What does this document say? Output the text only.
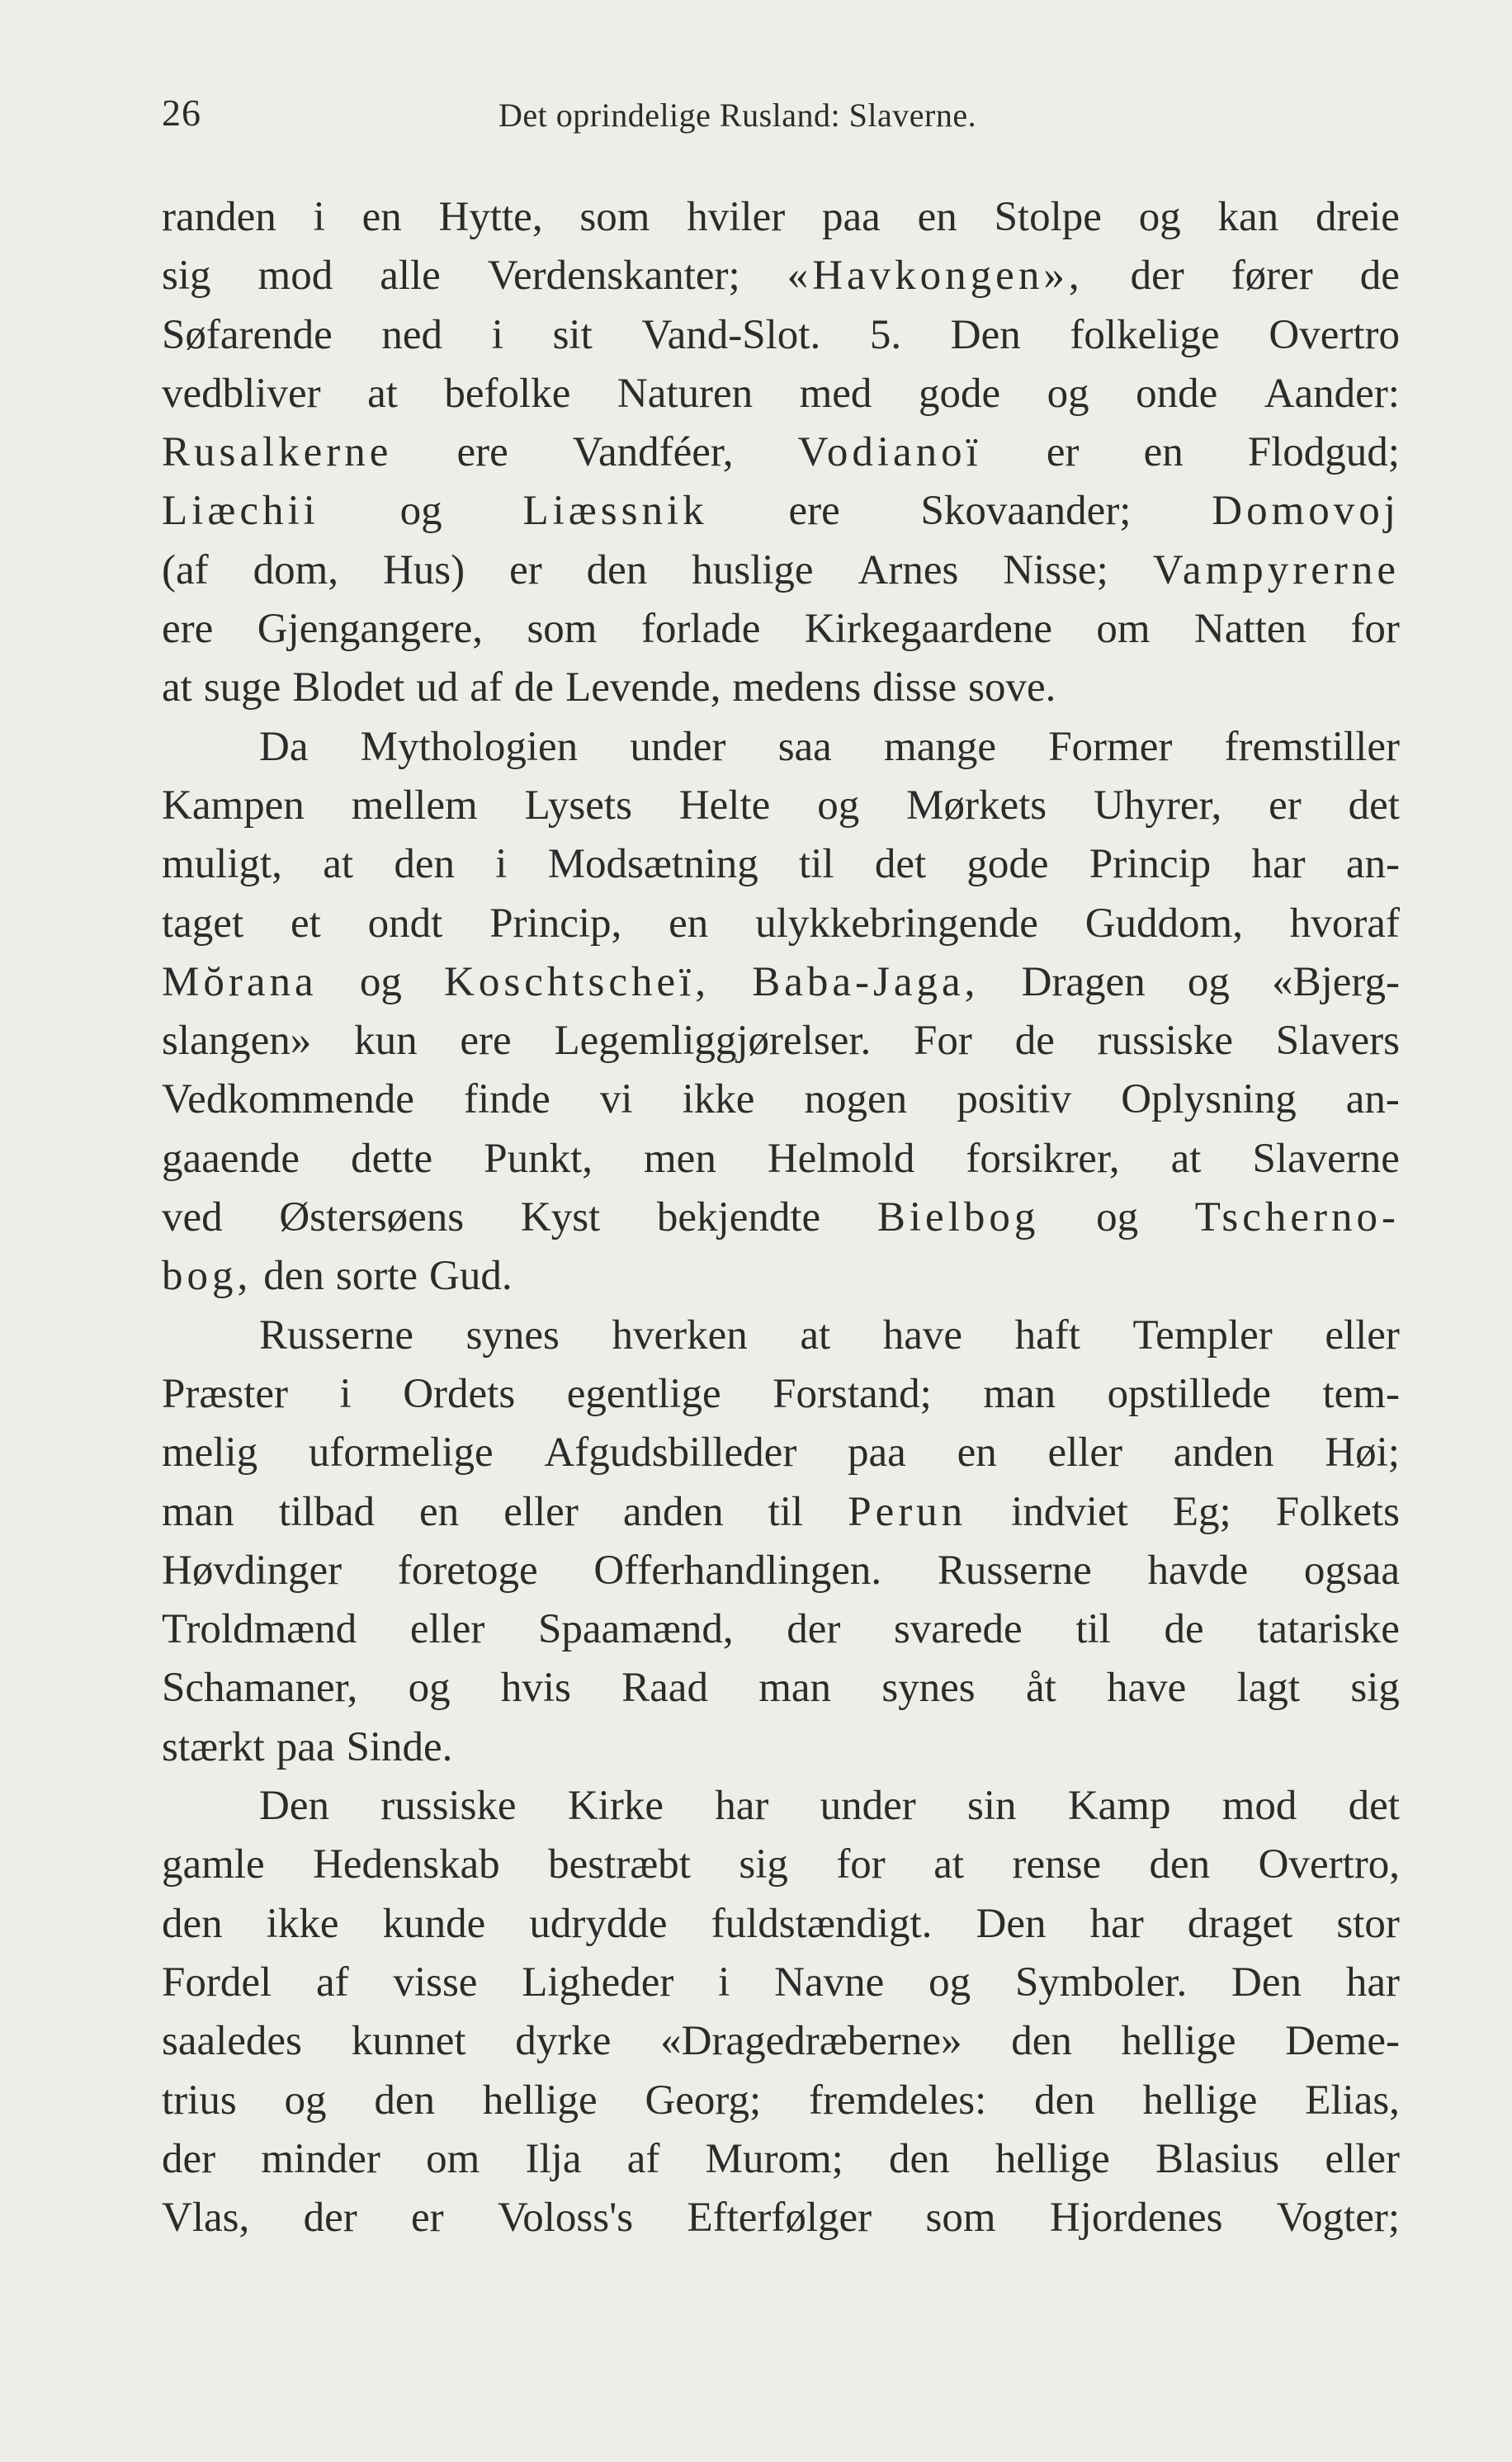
26	Det oprindelige Rusland: Slaverne.
randen i en Hytte, som hviler paa en Stolpe og kan dreie
sig mod alle Verdenskanter; «Havkongen», der fører de
Søfarende ned i sit Vand-Slot. 5. Den folkelige Overtro
vedbliver at befolke Naturen med gode og onde Aander:
Rusalkerne ere Vandféer, Vodianoï er en Flodgud;
Liæchii og Liæssnik ere Skovaander; Domovoj
(af dom, Hus) er den huslige Arnes Nisse; Vampyrerne
ere Gjengangere, som forlade Kirkegaardene om Natten for
at suge Blodet ud af de Levende, medens disse sove.
Da Mythologien under saa mange Former fremstiller
Kampen mellem Lysets Helte og Mørkets Uhyrer, er det
muligt, at den i Modsætning til det gode Princip har an-
taget et ondt Princip, en ulykkebringende Guddom, hvoraf
Mŏrana og Koschtscheï, Baba-Jaga, Dragen og «Bjerg-
slangen» kun ere Legemliggjørelser. For de russiske Slavers
Vedkommende finde vi ikke nogen positiv Oplysning an-
gaaende dette Punkt, men Helmold forsikrer, at Slaverne
ved Østersøens Kyst bekjendte Bielbog og Tscherno-
bog, den sorte Gud.
Russerne synes hverken at have haft Templer eller
Præster i Ordets egentlige Forstand; man opstillede tem-
melig uformelige Afgudsbilleder paa en eller anden Høi;
man tilbad en eller anden til Perun indviet Eg; Folkets
Høvdinger foretoge Offerhandlingen. Russerne havde ogsaa
Troldmænd eller Spaamænd, der svarede til de tatariske
Schamaner, og hvis Raad man synes åt have lagt sig
stærkt paa Sinde.
Den russiske Kirke har under sin Kamp mod det
gamle Hedenskab bestræbt sig for at rense den Overtro,
den ikke kunde udrydde fuldstændigt. Den har draget stor
Fordel af visse Ligheder i Navne og Symboler. Den har
saaledes kunnet dyrke «Dragedræberne» den hellige Deme-
trius og den hellige Georg; fremdeles: den hellige Elias,
der minder om Ilja af Murom; den hellige Blasius eller
Vlas, der er Voloss's Efterfølger som Hjordenes Vogter;
